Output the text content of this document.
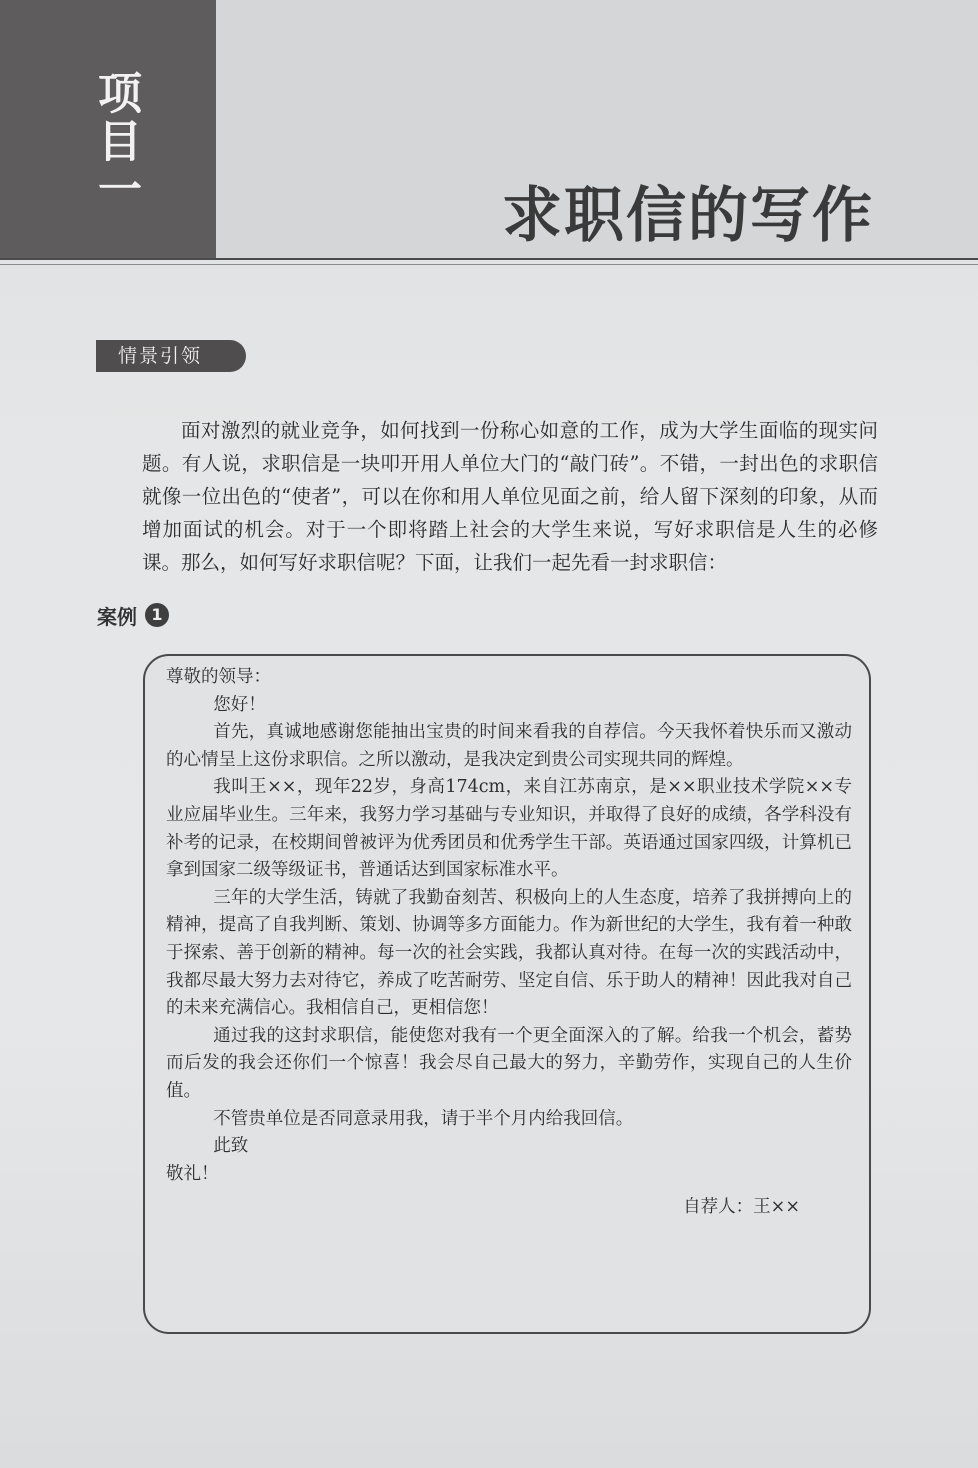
项目一
求职信的写作
情景引领

面对激烈的就业竞争，如何找到一份称心如意的工作，成为大学生面临的现实问题。有人说，求职信是一块叩开用人单位大门的“敲门砖”。不错，一封出色的求职信就像一位出色的“使者”，可以在你和用人单位见面之前，给人留下深刻的印象，从而增加面试的机会。对于一个即将踏上社会的大学生来说，写好求职信是人生的必修课。那么，如何写好求职信呢？下面，让我们一起先看一封求职信：

案例 1

尊敬的领导：

您好！

首先，真诚地感谢您能抽出宝贵的时间来看我的自荐信。今天我怀着快乐而又激动的心情呈上这份求职信。之所以激动，是我决定到贵公司实现共同的辉煌。

我叫王××，现年22岁，身高174cm，来自江苏南京，是××职业技术学院××专业应届毕业生。三年来，我努力学习基础与专业知识，并取得了良好的成绩，各学科没有补考的记录，在校期间曾被评为优秀团员和优秀学生干部。英语通过国家四级，计算机已拿到国家二级等级证书，普通话达到国家标准水平。

三年的大学生活，铸就了我勤奋刻苦、积极向上的人生态度，培养了我拼搏向上的精神，提高了自我判断、策划、协调等多方面能力。作为新世纪的大学生，我有着一种敢于探索、善于创新的精神。每一次的社会实践，我都认真对待。在每一次的实践活动中，我都尽最大努力去对待它，养成了吃苦耐劳、坚定自信、乐于助人的精神！因此我对自己的未来充满信心。我相信自己，更相信您！

通过我的这封求职信，能使您对我有一个更全面深入的了解。给我一个机会，蓄势而后发的我会还你们一个惊喜！我会尽自己最大的努力，辛勤劳作，实现自己的人生价值。

不管贵单位是否同意录用我，请于半个月内给我回信。

此致

敬礼！

自荐人：王××
